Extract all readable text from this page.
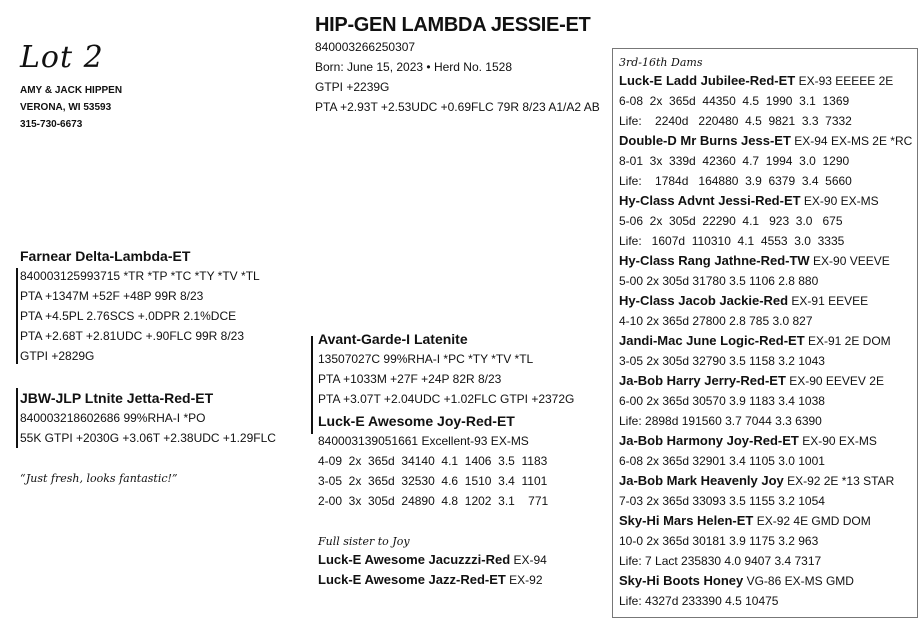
Lot 2
AMY & JACK HIPPEN
VERONA, WI 53593
315-730-6673
HIP-GEN LAMBDA JESSIE-ET
840003266250307
Born: June 15, 2023 • Herd No. 1528
GTPI +2239G
PTA +2.93T +2.53UDC +0.69FLC 79R 8/23 A1/A2 AB
Farnear Delta-Lambda-ET
840003125993715 *TR *TP *TC *TY *TV *TL
PTA +1347M +52F +48P 99R 8/23
PTA +4.5PL 2.76SCS +.0DPR 2.1%DCE
PTA +2.68T +2.81UDC +.90FLC 99R 8/23
GTPI +2829G
JBW-JLP Ltnite Jetta-Red-ET
840003218602686 99%RHA-I *PO
55K GTPI +2030G +3.06T +2.38UDC +1.29FLC
“Just fresh, looks fantastic!”
Avant-Garde-I Latenite
13507027C 99%RHA-I *PC *TY *TV *TL
PTA +1033M +27F +24P 82R 8/23
PTA +3.07T +2.04UDC +1.02FLC GTPI +2372G
Luck-E Awesome Joy-Red-ET
840003139051661 Excellent-93 EX-MS
4-09  2x  365d  34140  4.1  1406  3.5  1183
3-05  2x  365d  32530  4.6  1510  3.4  1101
2-00  3x  305d  24890  4.8  1202  3.1    771
Full sister to Joy
Luck-E Awesome Jacuzzzi-Red EX-94
Luck-E Awesome Jazz-Red-ET EX-92
3rd-16th Dams
Luck-E Ladd Jubilee-Red-ET EX-93 EEEEE 2E
6-08  2x  365d  44350  4.5  1990  3.1  1369
Life:    2240d   220480  4.5  9821  3.3  7332
Double-D Mr Burns Jess-ET EX-94 EX-MS 2E *RC
8-01  3x  339d  42360  4.7  1994  3.0  1290
Life:    1784d   164880  3.9  6379  3.4  5660
Hy-Class Advnt Jessi-Red-ET EX-90 EX-MS
5-06  2x  305d  22290  4.1   923  3.0   675
Life:   1607d  110310  4.1  4553  3.0  3335
Hy-Class Rang Jathne-Red-TW EX-90 VEEVE
5-00 2x 305d 31780 3.5 1106 2.8 880
Hy-Class Jacob Jackie-Red EX-91 EEVEE
4-10 2x 365d 27800 2.8 785 3.0 827
Jandi-Mac June Logic-Red-ET EX-91 2E DOM
3-05 2x 305d 32790 3.5 1158 3.2 1043
Ja-Bob Harry Jerry-Red-ET EX-90 EEVEV 2E
6-00 2x 365d 30570 3.9 1183 3.4 1038
Life: 2898d 191560 3.7 7044 3.3 6390
Ja-Bob Harmony Joy-Red-ET EX-90 EX-MS
6-08 2x 365d 32901 3.4 1105 3.0 1001
Ja-Bob Mark Heavenly Joy EX-92 2E *13 STAR
7-03 2x 365d 33093 3.5 1155 3.2 1054
Sky-Hi Mars Helen-ET EX-92 4E GMD DOM
10-0 2x 365d 30181 3.9 1175 3.2 963
Life: 7 Lact 235830 4.0 9407 3.4 7317
Sky-Hi Boots Honey VG-86 EX-MS GMD
Life: 4327d 233390 4.5 10475
